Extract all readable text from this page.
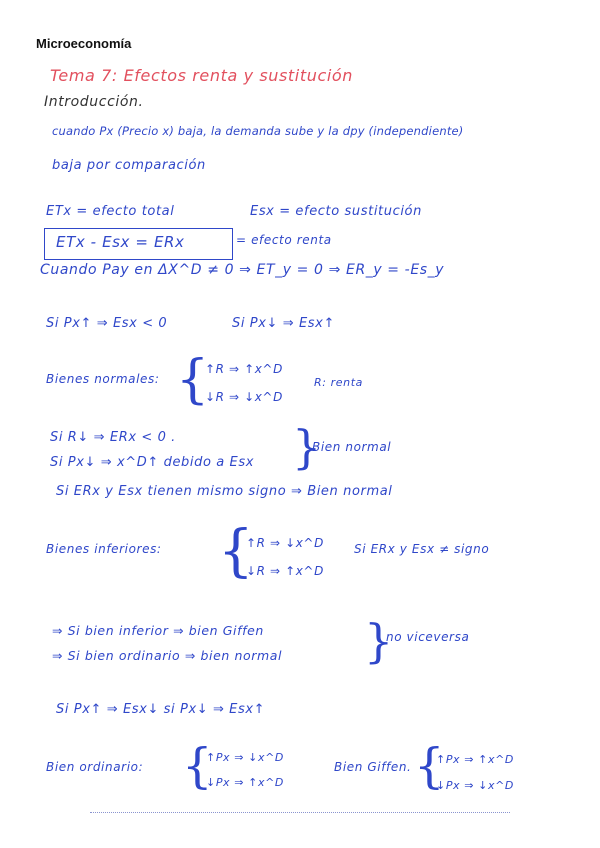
Microeconomía
Tema 7: Efectos renta y sustitución
Introducción.
cuando Px (Precio x) baja, la demanda sube y la dpy (independiente)
baja por comparación
ETx = efecto total	Esx = efecto sustitución
ETx - Esx = ERx	= efecto renta
Cuando Pay en ΔX^D ≠ 0 ⇒ ET_y = 0 ⇒ ER_y = -Es_y
Si Px↑ ⇒ Esx < 0	Si Px↓ ⇒ Esx↑
Bienes normales: {
↑R ⇒ ↑x^D
↓R ⇒ ↓x^D
R: renta
Si R↓ ⇒ ERx < 0 .
Si Px↓ ⇒ x^D↑ debido a Esx }
Bien normal
Si ERx y Esx tienen mismo signo ⇒ Bien normal
Bienes inferiores: {
↑R ⇒ ↓x^D
↓R ⇒ ↑x^D
Si ERx y Esx ≠ signo
⇒ Si bien inferior ⇒ bien Giffen
⇒ Si bien ordinario ⇒ bien normal }
no viceversa
Si Px↑ ⇒ Esx↓ si Px↓ ⇒ Esx↑
Bien ordinario: {
↑Px ⇒ ↓x^D
↓Px ⇒ ↑x^D
Bien Giffen. {
↑Px ⇒ ↑x^D
↓Px ⇒ ↓x^D
